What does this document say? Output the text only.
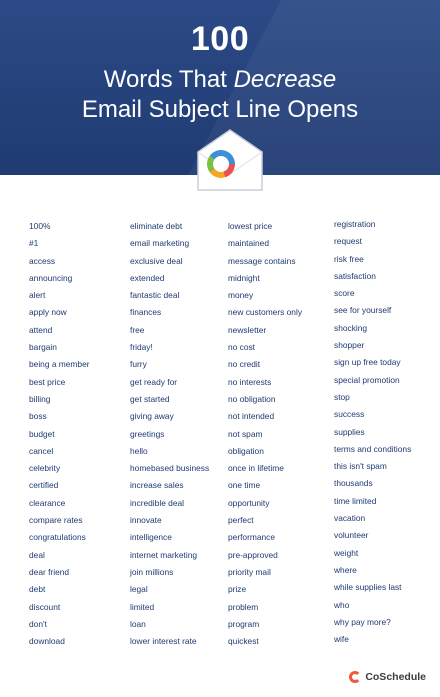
100
Words That Decrease
Email Subject Line Opens
100%
#1
access
announcing
alert
apply now
attend
bargain
being a member
best price
billing
boss
budget
cancel
celebrity
certified
clearance
compare rates
congratulations
deal
dear friend
debt
discount
don't
download
eliminate debt
email marketing
exclusive deal
extended
fantastic deal
finances
free
friday!
furry
get ready for
get started
giving away
greetings
hello
homebased business
increase sales
incredible deal
innovate
intelligence
internet marketing
join millions
legal
limited
loan
lower interest rate
lowest price
maintained
message contains
midnight
money
new customers only
newsletter
no cost
no credit
no interests
no obligation
not intended
not spam
obligation
once in lifetime
one time
opportunity
perfect
performance
pre-approved
priority mail
prize
problem
program
quickest
registration
request
risk free
satisfaction
score
see for yourself
shocking
shopper
sign up free today
special promotion
stop
success
supplies
terms and conditions
this isn't spam
thousands
time limited
vacation
volunteer
weight
where
while supplies last
who
why pay more?
wife
CoSchedule
